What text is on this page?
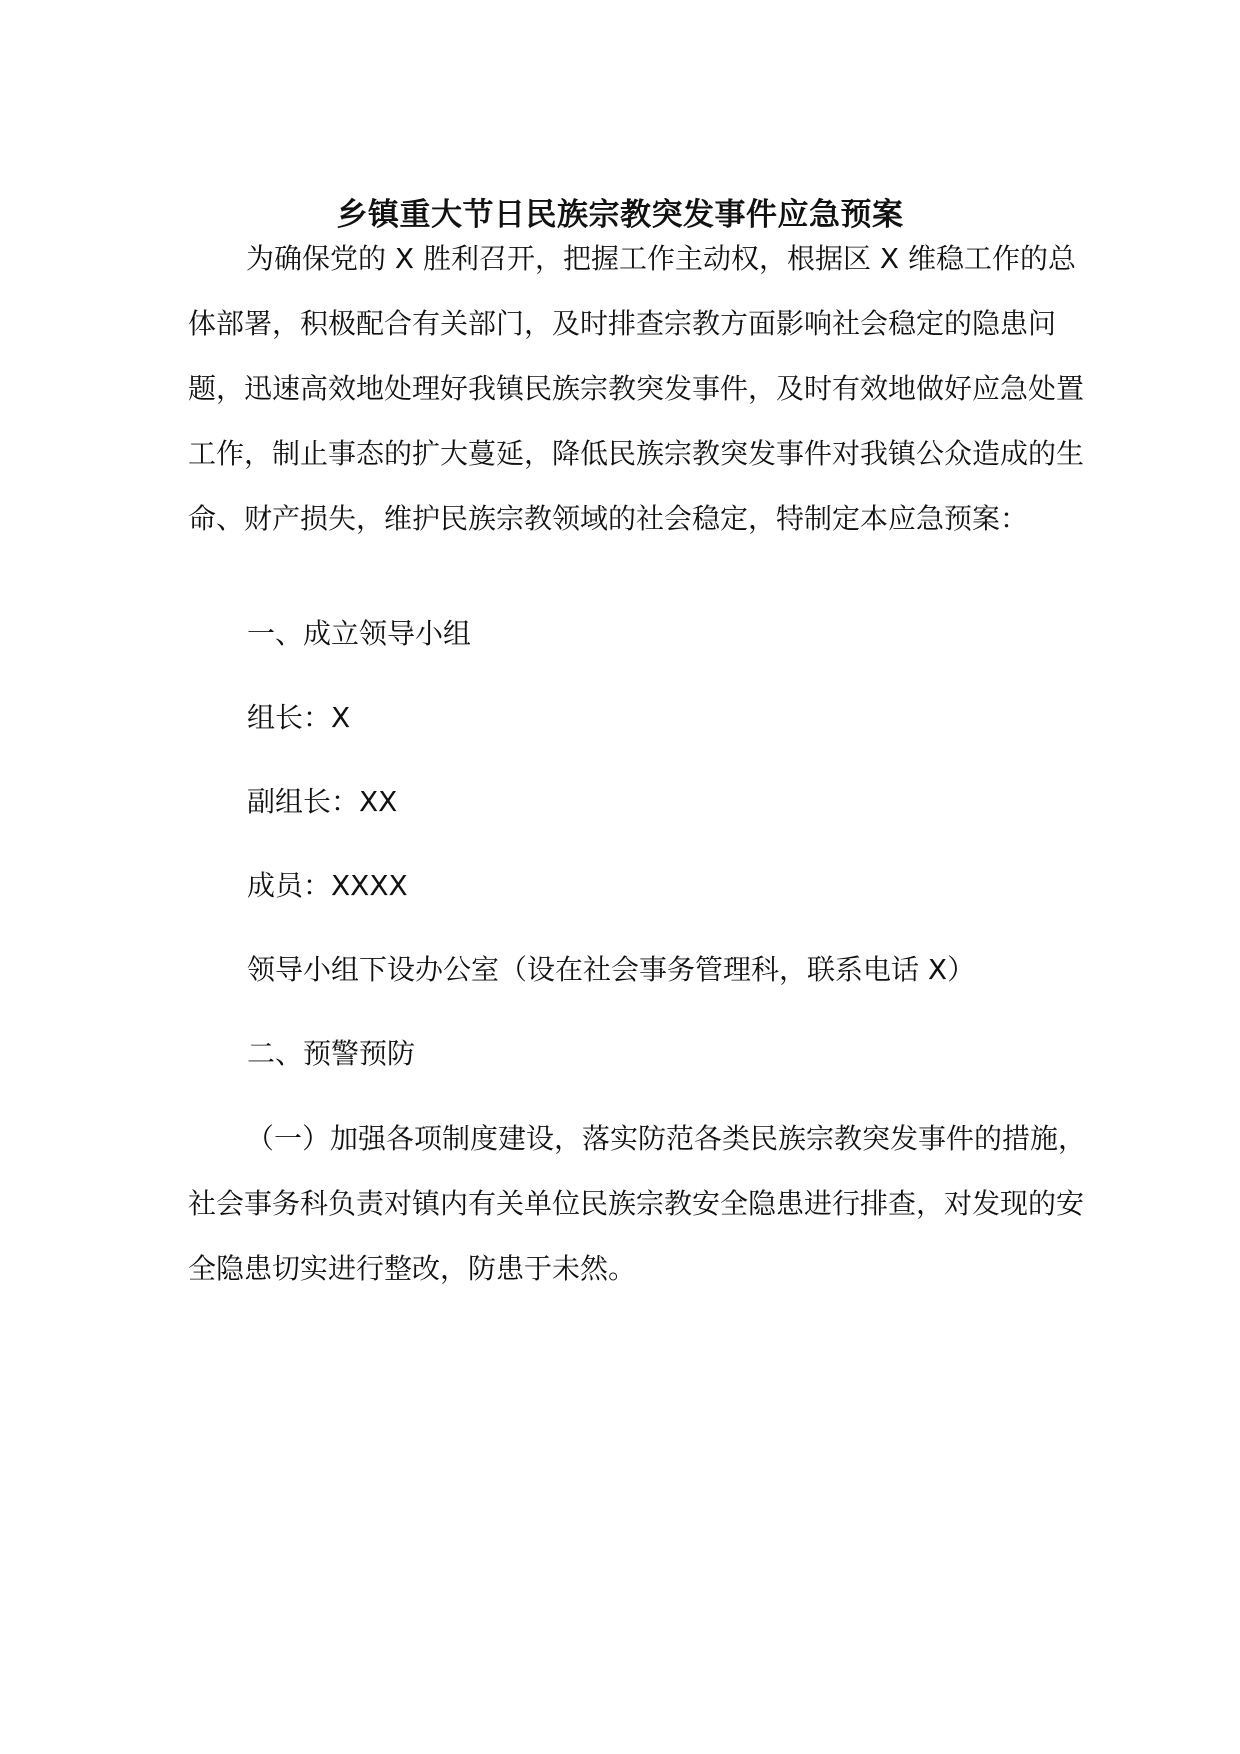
乡镇重大节日民族宗教突发事件应急预案

为确保党的 X 胜利召开，把握工作主动权，根据区 X 维稳工作的总体部署，积极配合有关部门，及时排查宗教方面影响社会稳定的隐患问题，迅速高效地处理好我镇民族宗教突发事件，及时有效地做好应急处置工作，制止事态的扩大蔓延，降低民族宗教突发事件对我镇公众造成的生命、财产损失，维护民族宗教领域的社会稳定，特制定本应急预案：

一、成立领导小组

组长：X

副组长：XX

成员：XXXX

领导小组下设办公室（设在社会事务管理科，联系电话 X）

二、预警预防

（一）加强各项制度建设，落实防范各类民族宗教突发事件的措施，社会事务科负责对镇内有关单位民族宗教安全隐患进行排查，对发现的安全隐患切实进行整改，防患于未然。
